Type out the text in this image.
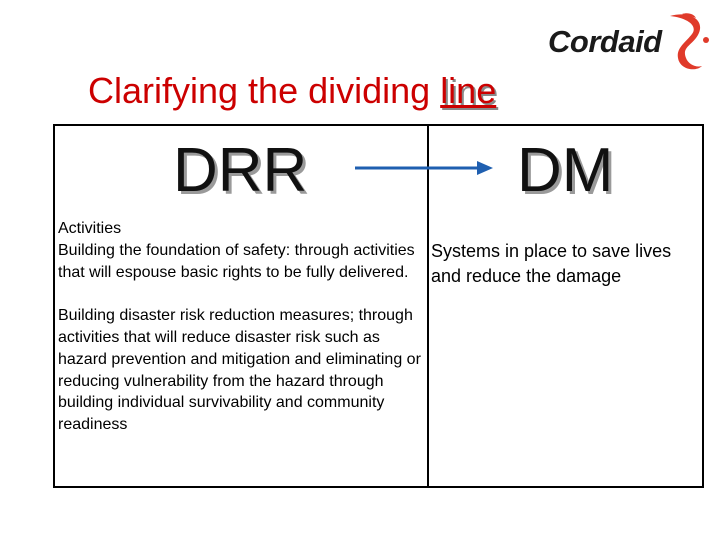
Cordaid
Clarifying the dividing line
DRR	DM

Activities

Building the foundation of safety: through activities that will espouse basic rights to be fully delivered.

Building disaster risk reduction measures; through activities that will reduce disaster risk such as hazard prevention and mitigation and eliminating or reducing vulnerability from the hazard through building individual survivability and community readiness

Systems in place to save lives and reduce the damage
